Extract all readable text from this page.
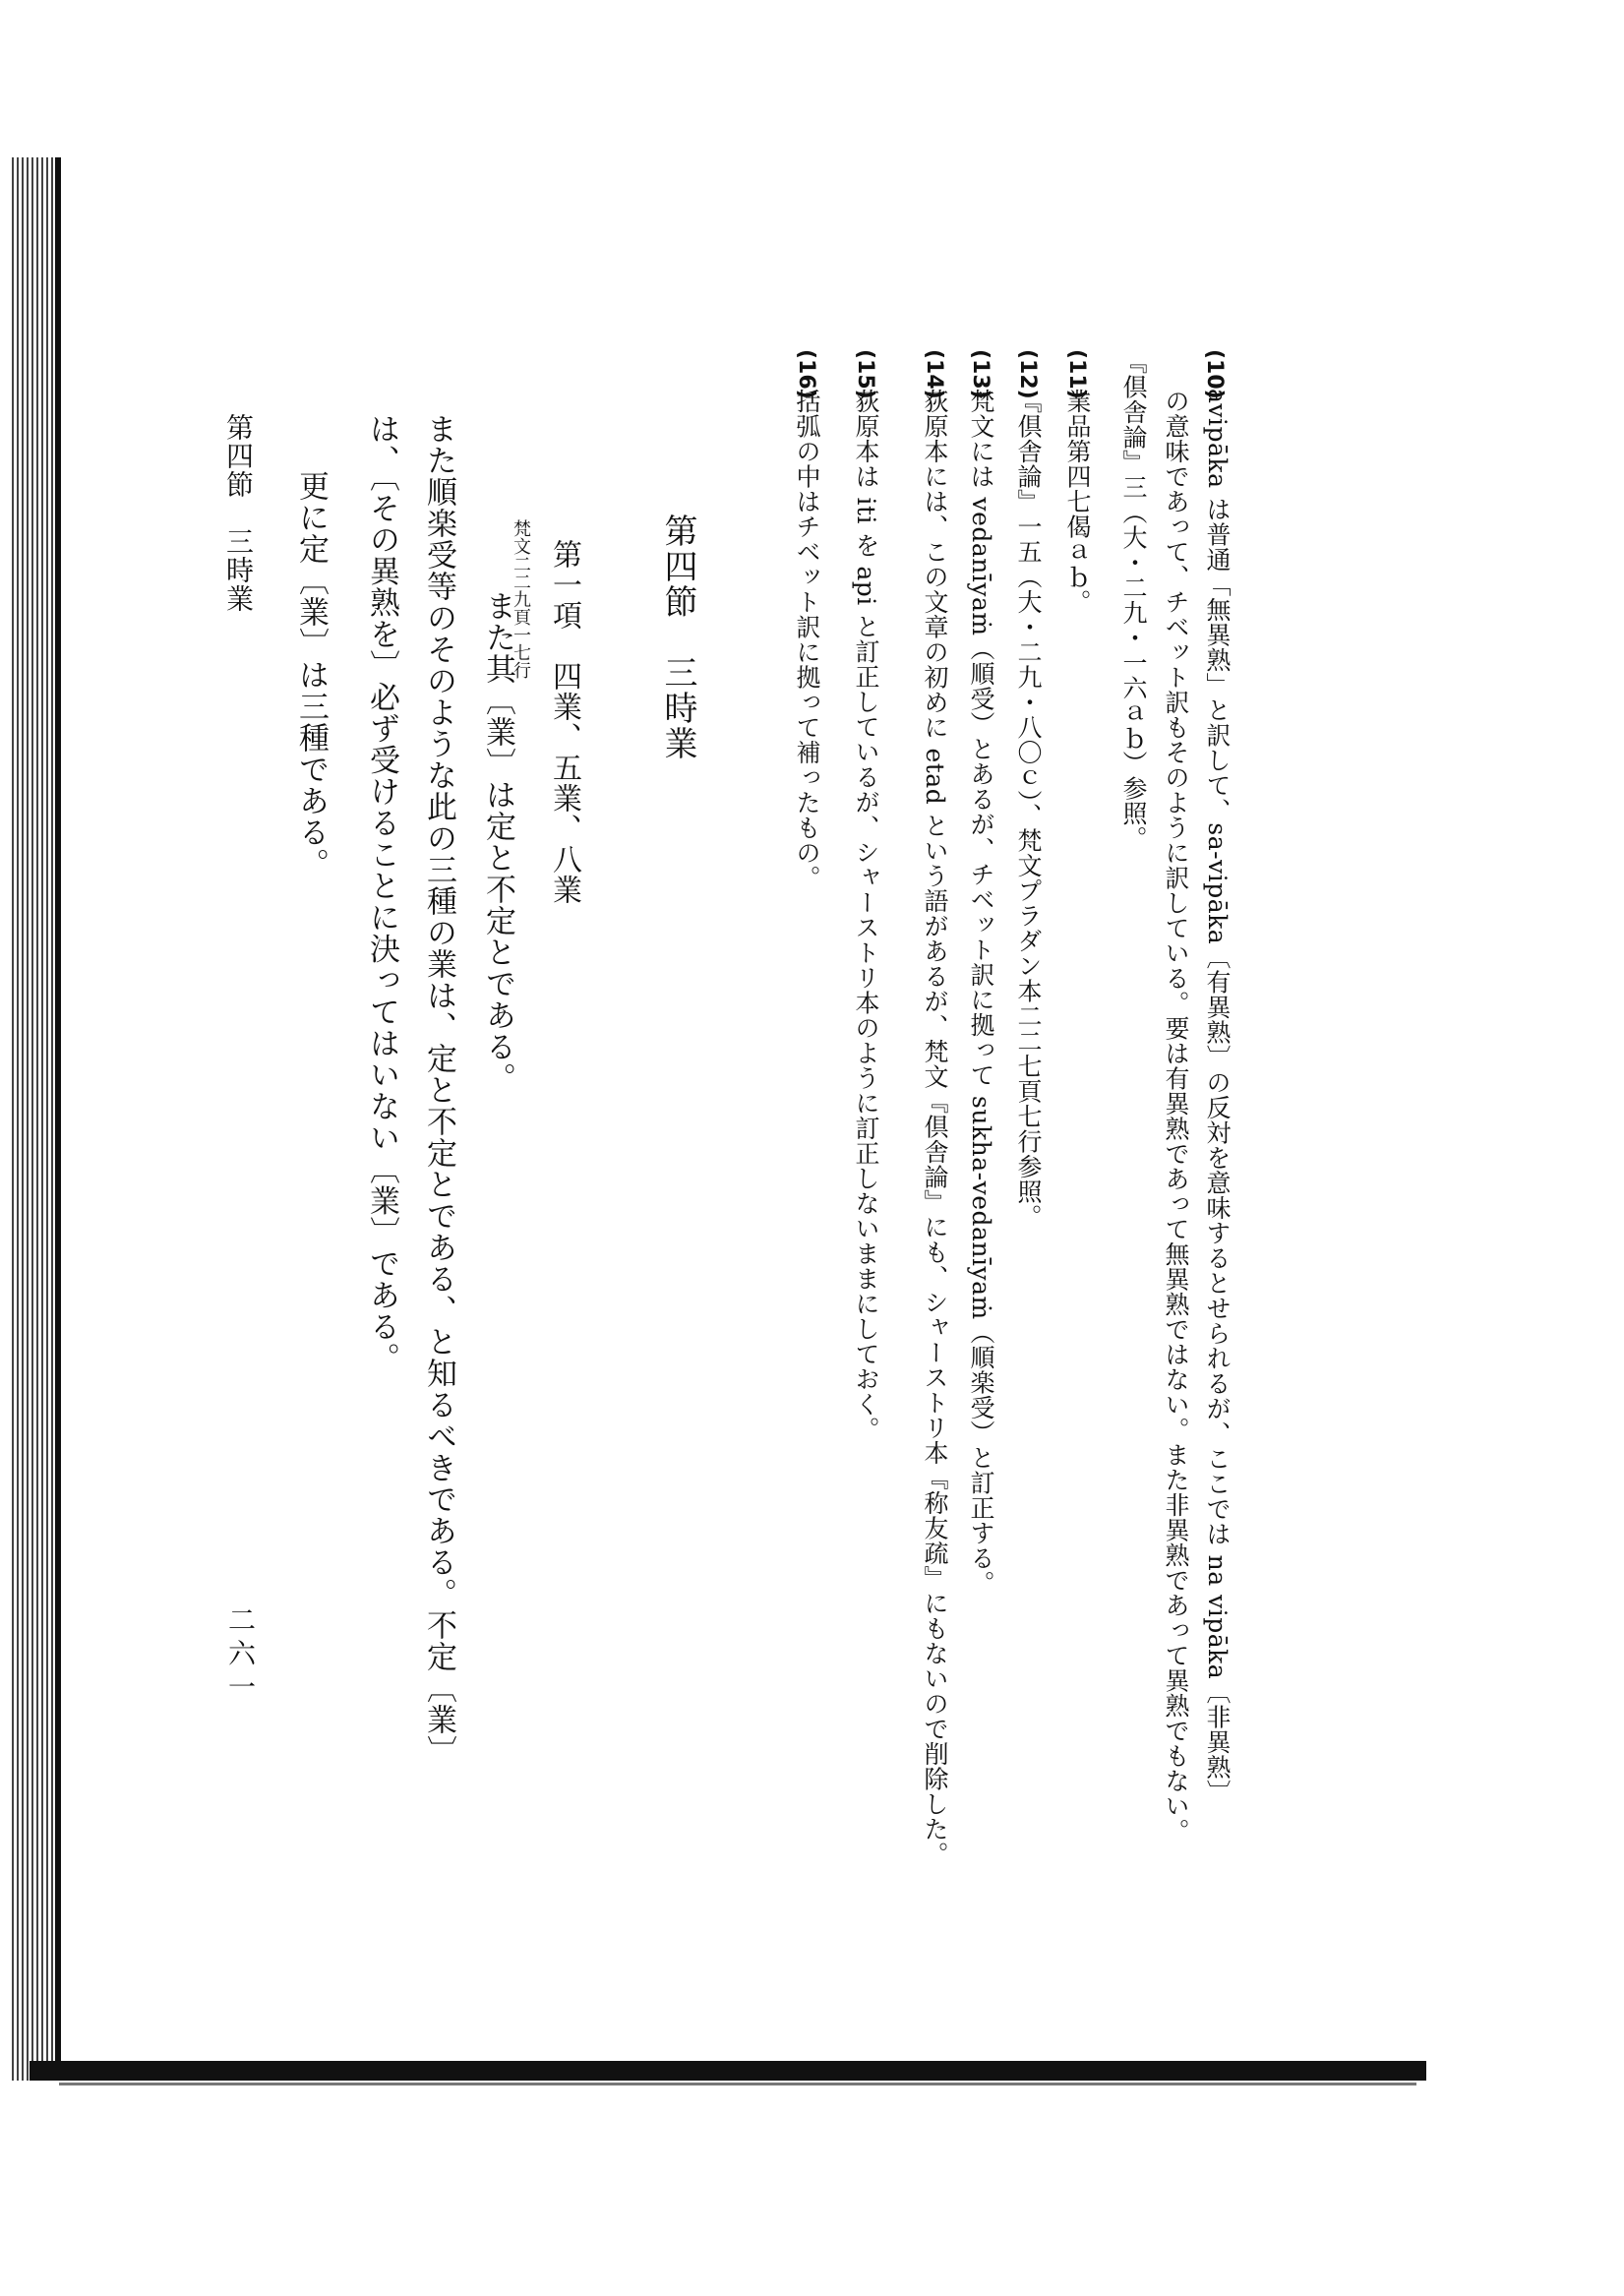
(10)
avipāka は普通「無異熟」と訳して、sa-vipāka〔有異熟〕の反対を意味するとせられるが、ここでは na vipāka〔非異熟〕
の意味であって、チベット訳もそのように訳している。要は有異熟であって無異熟ではない。また非異熟であって異熟でもない。
『倶舎論』三（大・二九・一六ａｂ）参照。
(11)
業品第四七偈ａｂ。
(12)
『倶舎論』一五（大・二九・八〇ｃ）、梵文プラダン本二二七頁七行参照。
(13)
梵文には vedanīyaṁ（順受）とあるが、チベット訳に拠って sukha-vedanīyaṁ（順楽受）と訂正する。
(14)
荻原本には、この文章の初めに etad という語があるが、梵文『倶舎論』にも、シャーストリ本『称友疏』にもないので削除した。
(15)
荻原本は iti を api と訂正しているが、シャーストリ本のように訂正しないままにしておく。
(16)
括弧の中はチベット訳に拠って補ったもの。
第四節　三時業
第一項　四業、五業、八業
梵文二二九頁一七行
また其〔業〕は定と不定とである。
また順楽受等のそのような此の三種の業は、定と不定とである、と知るべきである。不定〔業〕
は、〔その異熟を〕必ず受けることに決ってはいない〔業〕である。
更に定〔業〕は三種である。
第四節　三時業
二六一
